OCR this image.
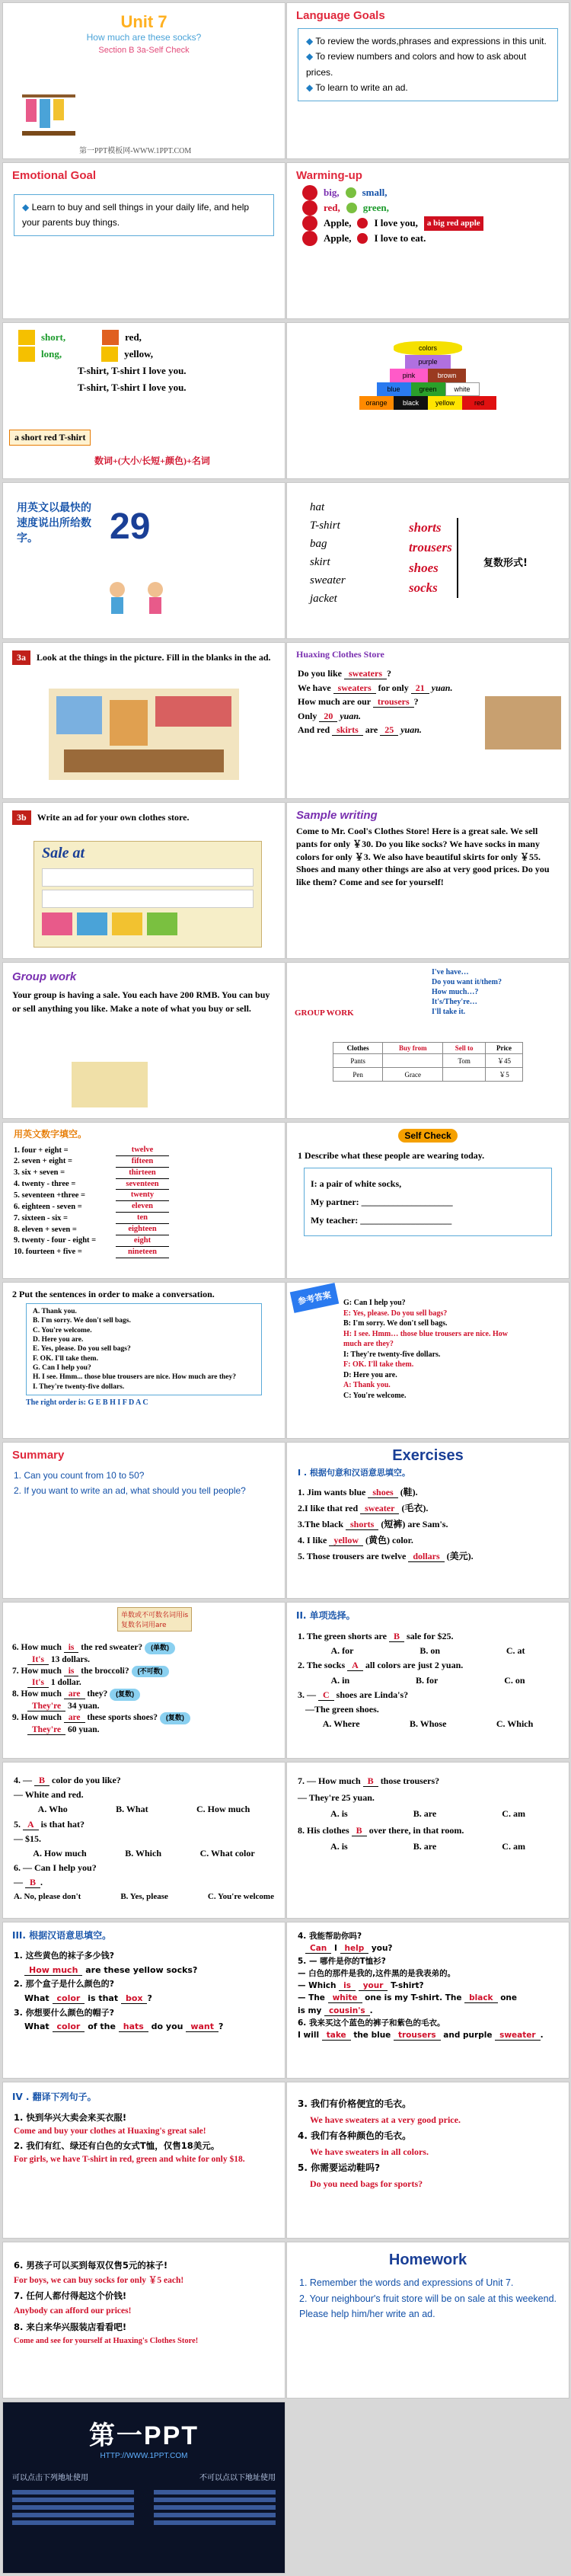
Unit 7
How much are these socks?
Section B 3a-Self Check
第一PPT模板网-WWW.1PPT.COM
Language Goals
◆ To review the words,phrases and expressions in this unit.
◆ To review numbers and colors and how to ask about prices.
◆ To learn to write an ad.
Emotional Goal
◆ Learn to buy and sell things in your daily life, and help your parents buy things.
Warming-up
big, small,
red, green,
Apple, I love you,	a big red apple
Apple, I love to eat.
short,	red,
long,	yellow,
T-shirt, T-shirt I love you.
T-shirt, T-shirt I love you.
a short red T-shirt
数词+(大小/长短+颜色)+名词
colors
purple
pink	brown
blue	green	white
orange	black	yellow	red
用英文以最快的速度说出所给数字。	29	hat
T-shirt
bag
skirt
sweater
jacket
shorts
trousers
shoes
socks
复数形式!
3a	Look at the things in the picture. Fill in the blanks in the ad.	Huaxing Clothes Store
Do you like sweaters ?
We have sweaters for only 21 yuan.
How much are our trousers ?
Only 20 yuan.
And red skirts are 25 yuan.
3b	Write an ad for your own clothes store.
Sale at
Sample writing
Come to Mr. Cool's Clothes Store! Here is a great sale. We sell pants for only ￥30. Do you like socks? We have socks in many colors for only ￥3. We also have beautiful skirts for only ￥55. Shoes and many other things are also at very good prices. Do you like them? Come and see for yourself!
Group work
Your group is having a sale. You each have 200 RMB. You can buy or sell anything you like. Make a note of what you buy or sell.	GROUP WORK
I've have…
Do you want it/them?
How much…?
It's/They're…
I'll take it.
Clothes	Buy from	Sell to	Price
Pants		Tom	￥45
Pen	Grace		￥5
用英文数字填空。
1. four + eight =	twelve
2. seven + eight =	fifteen
3. six + seven =	thirteen
4. twenty - three =	seventeen
5. seventeen +three =	twenty
6. eighteen - seven =	eleven
7. sixteen - six =	ten
8. eleven + seven =	eighteen
9. twenty - four - eight =	eight
10. fourteen + five =	nineteen
Self Check
1 Describe what these people are wearing today.
I: a pair of white socks,
My partner: ____________________
My teacher: ____________________
2 Put the sentences in order to make a conversation.
A. Thank you.
B. I'm sorry. We don't sell bags.
C. You're welcome.
D. Here you are.
E. Yes, please. Do you sell bags?
F. OK. I'll take them.
G. Can I help you?
H. I see. Hmm... those blue trousers are nice. How much are they?
I. They're twenty-five dollars.
The right order is: G E B H I F D A C
参考答案	G: Can I help you?
E: Yes, please. Do you sell bags?
B: I'm sorry. We don't sell bags.
H: I see. Hmm… those blue trousers are nice. How much are they?
I: They're twenty-five dollars.
F: OK. I'll take them.
D: Here you are.
A: Thank you.
C: You're welcome.
Summary
1. Can you count from 10 to 50?
2. If you want to write an ad, what should you tell people?
Exercises
I . 根据句意和汉语意思填空。
1. Jim wants blue shoes (鞋).
2.I like that red sweater (毛衣).
3.The black shorts (短裤) are Sam's.
4. I like yellow (黄色) color.
5. Those trousers are twelve dollars (美元).
单数或不可数名词用is
复数名词用are
6. How much is the red sweater? (单数)
It's 13 dollars.
7. How much is the broccoli? (不可数)
It's 1 dollar.
8. How much are they? (复数)
They're 34 yuan.
9. How much are these sports shoes? (复数)
They're 60 yuan.
II. 单项选择。
1. The green shorts are B sale for $25.
A. for	B. on	C. at
2. The socks A all colors are just 2 yuan.
A. in	B. for	C. on
3. — C shoes are Linda's?
—The green shoes.
A. Where	B. Whose	C. Which
4. — B color do you like?
— White and red.
A. Who	B. What	C. How much
5. A is that hat?
— $15.
A. How much	B. Which	C. What color
6. — Can I help you?
— B .
A. No, please don't	B. Yes, please	C. You're welcome
7. — How much B those trousers?
— They're 25 yuan.
A. is	B. are	C. am
8. His clothes B over there, in that room.
A. is	B. are	C. am
III. 根据汉语意思填空。
1. 这些黄色的袜子多少钱?
How much are these yellow socks?
2. 那个盒子是什么颜色的?
What color is that box ?
3. 你想要什么颜色的帽子?
What color of the hats do you want ?
4. 我能帮助你吗?
Can I help you?
5. — 哪件是你的T恤衫?
— 白色的那件是我的,这件黑的是我表弟的。
— Which is your T-shirt?
— The white one is my T-shirt. The black one
is my cousin's .
6. 我来买这个蓝色的裤子和紫色的毛衣。
I will take the blue trousers and purple sweater .
IV . 翻译下列句子。
1. 快到华兴大卖会来买衣服!
Come and buy your clothes at Huaxing's great sale!
2. 我们有红、绿还有白色的女式T恤，仅售18美元。
For girls, we have T-shirt in red, green and white for only $18.
3. 我们有价格便宜的毛衣。
We have sweaters at a very good price.
4. 我们有各种颜色的毛衣。
We have sweaters in all colors.
5. 你需要运动鞋吗?
Do you need bags for sports?
6. 男孩子可以买到每双仅售5元的袜子!
For boys, we can buy socks for only ￥5 each!
7. 任何人都付得起这个价钱!
Anybody can afford our prices!
8. 来白来华兴服装店看看吧!
Come and see for yourself at Huaxing's Clothes Store!
Homework
1. Remember the words and expressions of Unit 7.
2. Your neighbour's fruit store will be on sale at this weekend. Please help him/her write an ad.
第一PPT
HTTP://WWW.1PPT.COM
可以点击下列地址使用	不可以点以下地址使用
